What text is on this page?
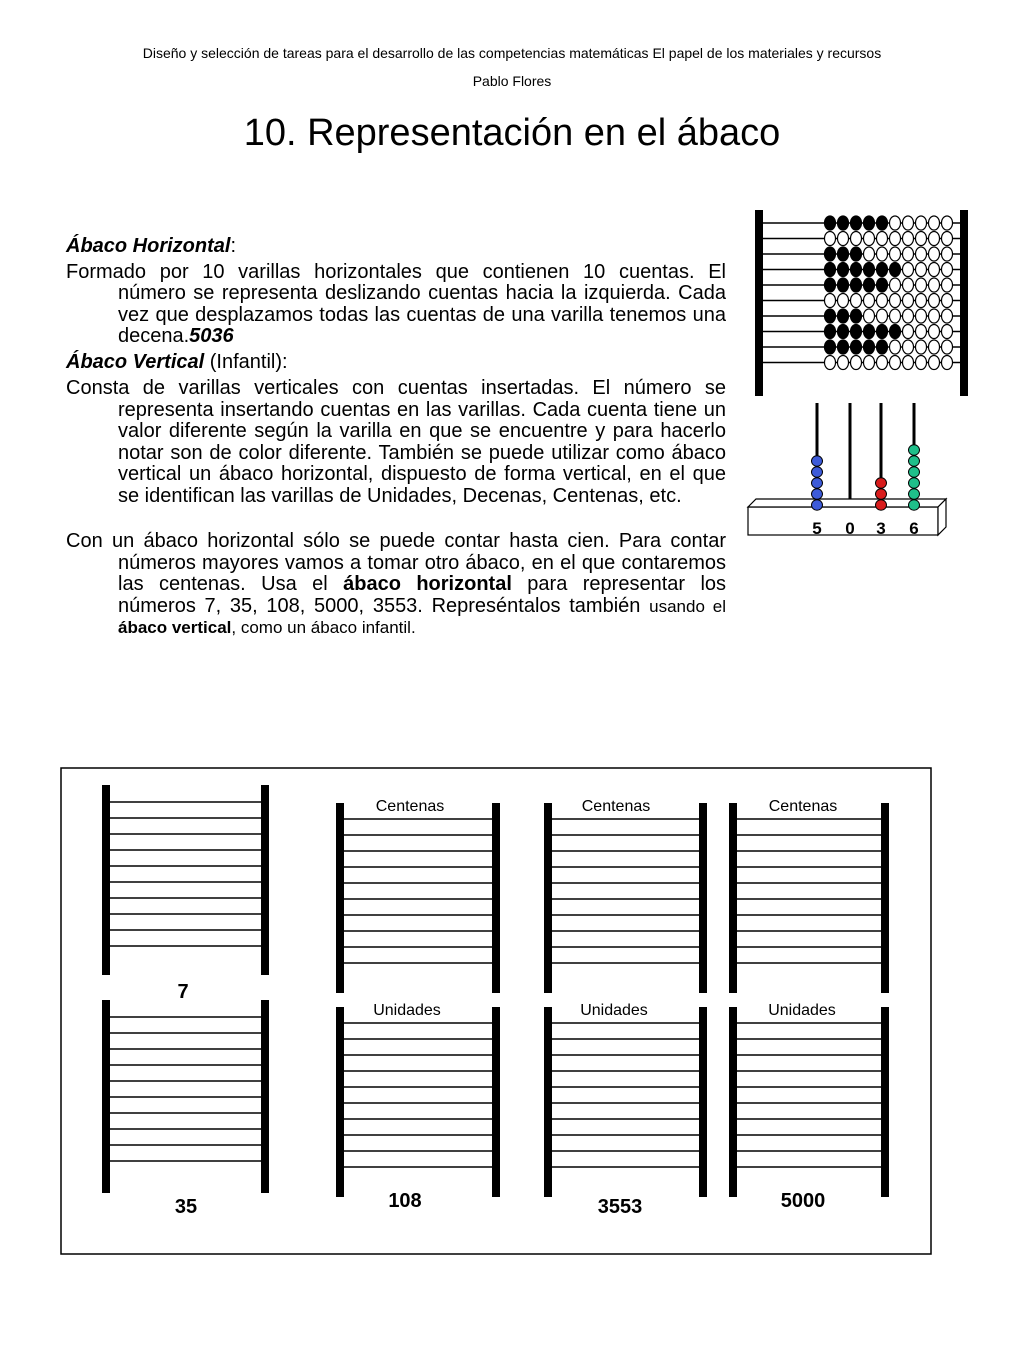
Diseño y selección de tareas para el desarrollo de las competencias matemáticas El papel de los materiales y recursos
Pablo Flores
10. Representación en el ábaco

Ábaco Horizontal:

Formado por 10 varillas horizontales que contienen 10 cuentas. El número se representa deslizando cuentas hacia la izquierda. Cada vez que desplazamos todas las cuentas de una varilla tenemos una decena.5036

Ábaco Vertical (Infantil):

Consta de varillas verticales con cuentas insertadas. El número se representa insertando cuentas en las varillas. Cada cuenta tiene un valor diferente según la varilla en que se encuentre y para hacerlo notar son de color diferente. También se puede utilizar como ábaco vertical un ábaco horizontal, dispuesto de forma vertical, en el que se identifican las varillas de Unidades, Decenas, Centenas, etc.

Con un ábaco horizontal sólo se puede contar hasta cien. Para contar números mayores vamos a tomar otro ábaco, en el que contaremos las centenas. Usa el ábaco horizontal para representar los números 7, 35, 108, 5000, 3553. Represéntalos también usando el ábaco vertical, como un ábaco infantil.

5 0 3 6
7
35	108	3553	5000
Centenas	Centenas	Centenas
Unidades	Unidades	Unidades
